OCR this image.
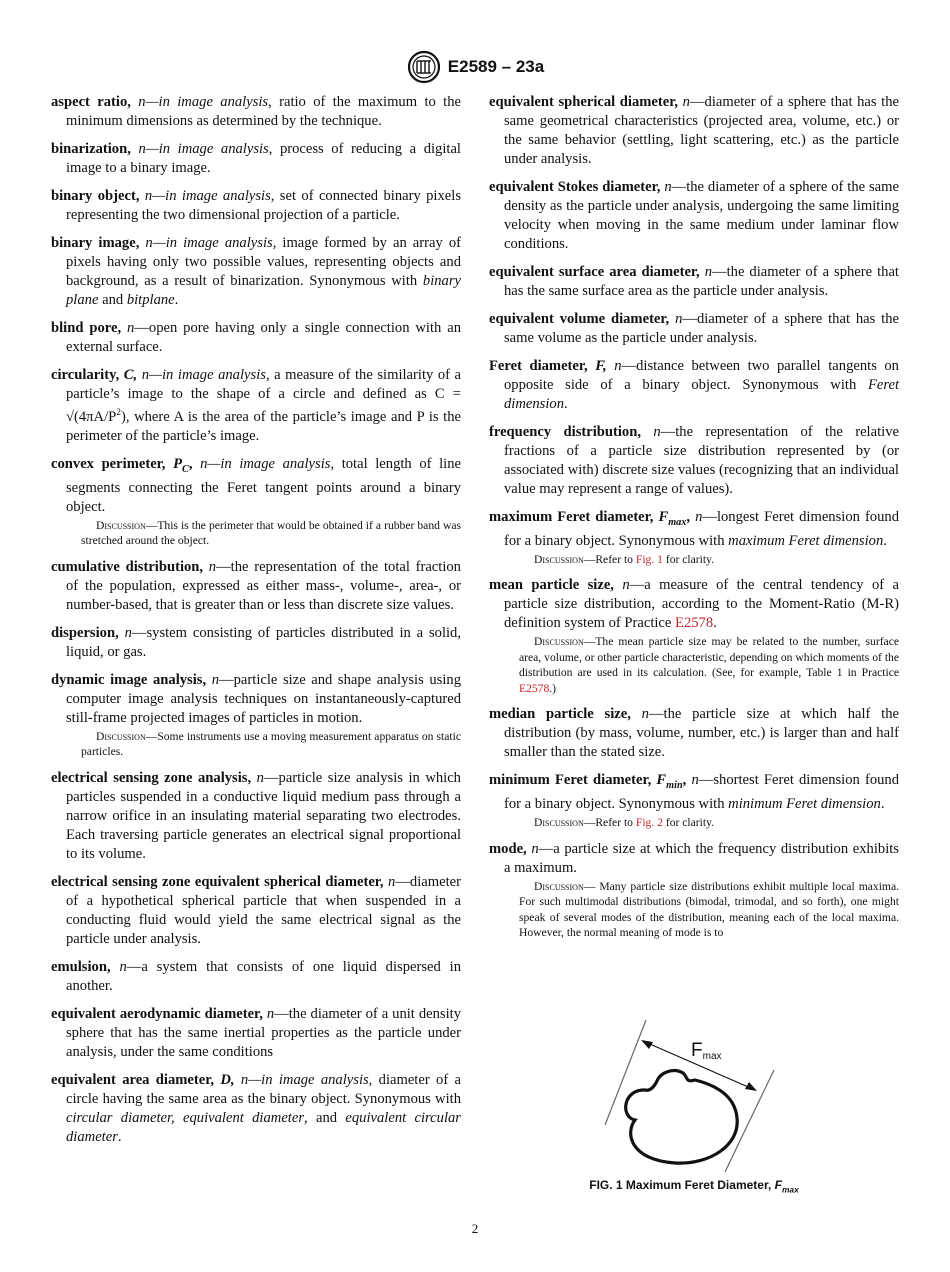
E2589 – 23a

aspect ratio, n—in image analysis, ratio of the maximum to the minimum dimensions as determined by the technique.

binarization, n—in image analysis, process of reducing a digital image to a binary image.

binary object, n—in image analysis, set of connected binary pixels representing the two dimensional projection of a particle.

binary image, n—in image analysis, image formed by an array of pixels having only two possible values, representing objects and background, as a result of binarization. Synonymous with binary plane and bitplane.

blind pore, n—open pore having only a single connection with an external surface.

circularity, C, n—in image analysis, a measure of the similarity of a particle’s image to the shape of a circle and defined as $C = √(4\pi A/P^2)$, where A is the area of the particle’s image and P is the perimeter of the particle’s image.

convex perimeter, $P_C$, n—in image analysis, total length of line segments connecting the Feret tangent points around a binary object.

Discussion—This is the perimeter that would be obtained if a rubber band was stretched around the object.

cumulative distribution, n—the representation of the total fraction of the population, expressed as either mass-, volume-, area-, or number-based, that is greater than or less than discrete size values.

dispersion, n—system consisting of particles distributed in a solid, liquid, or gas.

dynamic image analysis, n—particle size and shape analysis using computer image analysis techniques on instantaneously-captured still-frame projected images of particles in motion.

Discussion—Some instruments use a moving measurement apparatus on static particles.

electrical sensing zone analysis, n—particle size analysis in which particles suspended in a conductive liquid medium pass through a narrow orifice in an insulating material separating two electrodes. Each traversing particle generates an electrical signal proportional to its volume.

electrical sensing zone equivalent spherical diameter, n—diameter of a hypothetical spherical particle that when suspended in a conducting fluid would yield the same electrical signal as the particle under analysis.

emulsion, n—a system that consists of one liquid dispersed in another.

equivalent aerodynamic diameter, n—the diameter of a unit density sphere that has the same inertial properties as the particle under analysis, under the same conditions

equivalent area diameter, D, n—in image analysis, diameter of a circle having the same area as the binary object. Synonymous with circular diameter, equivalent diameter, and equivalent circular diameter.

equivalent spherical diameter, n—diameter of a sphere that has the same geometrical characteristics (projected area, volume, etc.) or the same behavior (settling, light scattering, etc.) as the particle under analysis.

equivalent Stokes diameter, n—the diameter of a sphere of the same density as the particle under analysis, undergoing the same limiting velocity when moving in the same medium under laminar flow conditions.

equivalent surface area diameter, n—the diameter of a sphere that has the same surface area as the particle under analysis.

equivalent volume diameter, n—diameter of a sphere that has the same volume as the particle under analysis.

Feret diameter, F, n—distance between two parallel tangents on opposite side of a binary object. Synonymous with Feret dimension.

frequency distribution, n—the representation of the relative fractions of a particle size distribution represented by (or associated with) discrete size values (recognizing that an individual value may represent a range of values).

maximum Feret diameter, $F_{max}$, n—longest Feret dimension found for a binary object. Synonymous with maximum Feret dimension.

Discussion—Refer to Fig. 1 for clarity.

mean particle size, n—a measure of the central tendency of a particle size distribution, according to the Moment-Ratio (M-R) definition system of Practice E2578.

Discussion—The mean particle size may be related to the number, surface area, volume, or other particle characteristic, depending on which moments of the distribution are used in its calculation. (See, for example, Table 1 in Practice E2578.)

median particle size, n—the particle size at which half the distribution (by mass, volume, number, etc.) is larger than and half smaller than the stated size.

minimum Feret diameter, $F_{min}$, n—shortest Feret dimension found for a binary object. Synonymous with minimum Feret dimension.

Discussion—Refer to Fig. 2 for clarity.

mode, n—a particle size at which the frequency distribution exhibits a maximum.

Discussion— Many particle size distributions exhibit multiple local maxima. For such multimodal distributions (bimodal, trimodal, and so forth), one might speak of several modes of the distribution, meaning each of the local maxima. However, the normal meaning of mode is to

Fmax
FIG. 1 Maximum Feret Diameter, $F_{max}$
2
